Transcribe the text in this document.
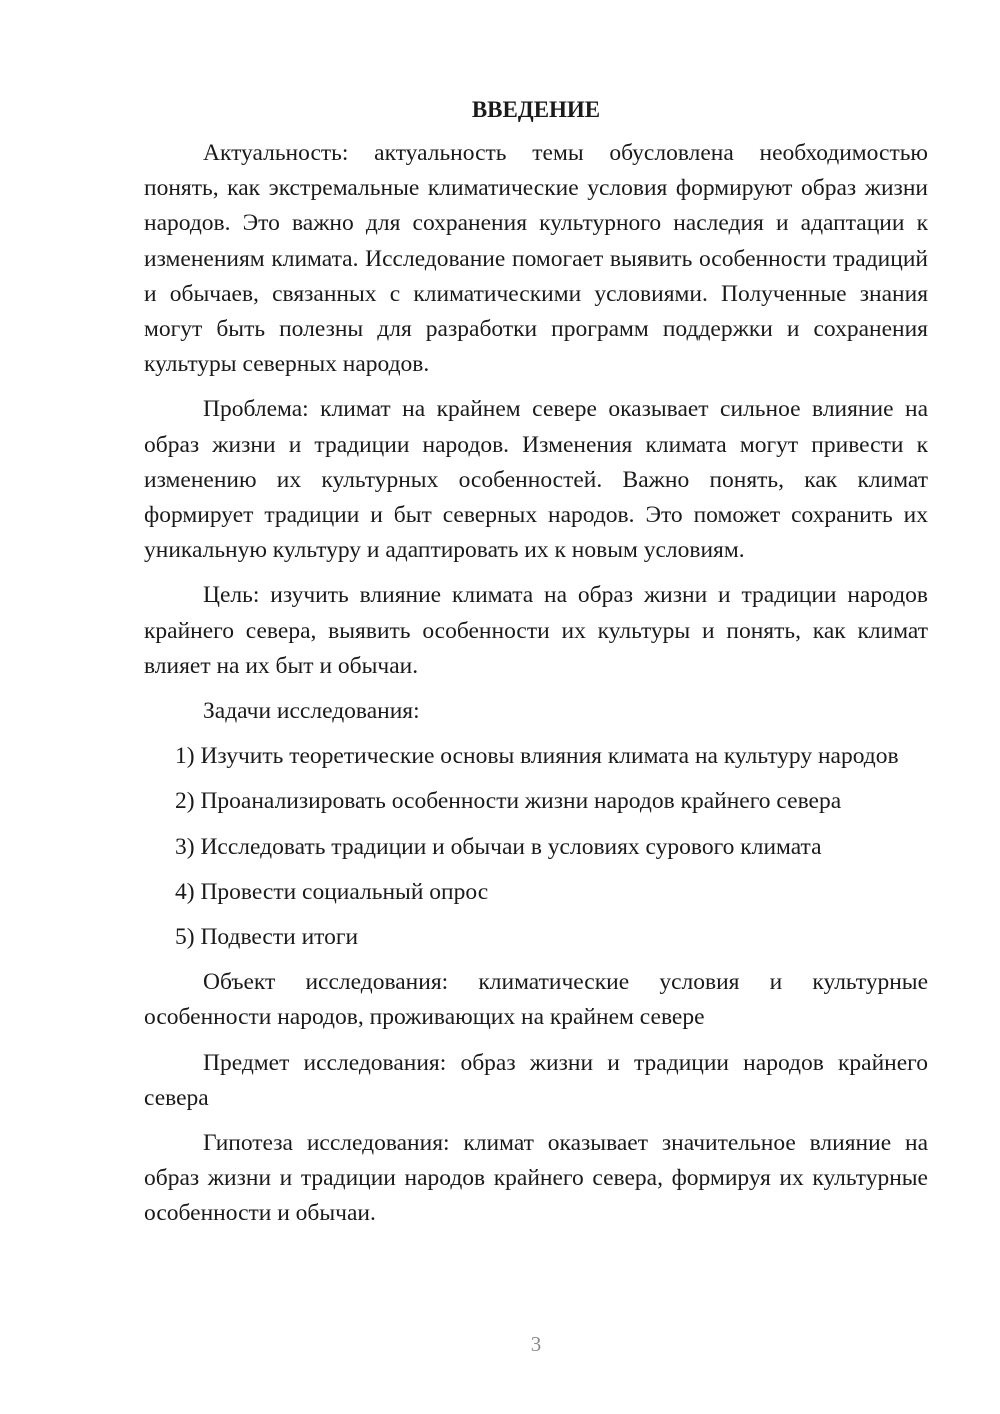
ВВЕДЕНИЕ

Актуальность: актуальность темы обусловлена необходимостью понять, как экстремальные климатические условия формируют образ жизни народов. Это важно для сохранения культурного наследия и адаптации к изменениям климата. Исследование помогает выявить особенности традиций и обычаев, связанных с климатическими условиями. Полученные знания могут быть полезны для разработки программ поддержки и сохранения культуры северных народов.

Проблема: климат на крайнем севере оказывает сильное влияние на образ жизни и традиции народов. Изменения климата могут привести к изменению их культурных особенностей. Важно понять, как климат формирует традиции и быт северных народов. Это поможет сохранить их уникальную культуру и адаптировать их к новым условиям.

Цель: изучить влияние климата на образ жизни и традиции народов крайнего севера, выявить особенности их культуры и понять, как климат влияет на их быт и обычаи.

Задачи исследования:

1) Изучить теоретические основы влияния климата на культуру народов

2) Проанализировать особенности жизни народов крайнего севера

3) Исследовать традиции и обычаи в условиях сурового климата

4) Провести социальный опрос

5) Подвести итоги

Объект исследования: климатические условия и культурные особенности народов, проживающих на крайнем севере

Предмет исследования: образ жизни и традиции народов крайнего севера

Гипотеза исследования: климат оказывает значительное влияние на образ жизни и традиции народов крайнего севера, формируя их культурные особенности и обычаи.

3
